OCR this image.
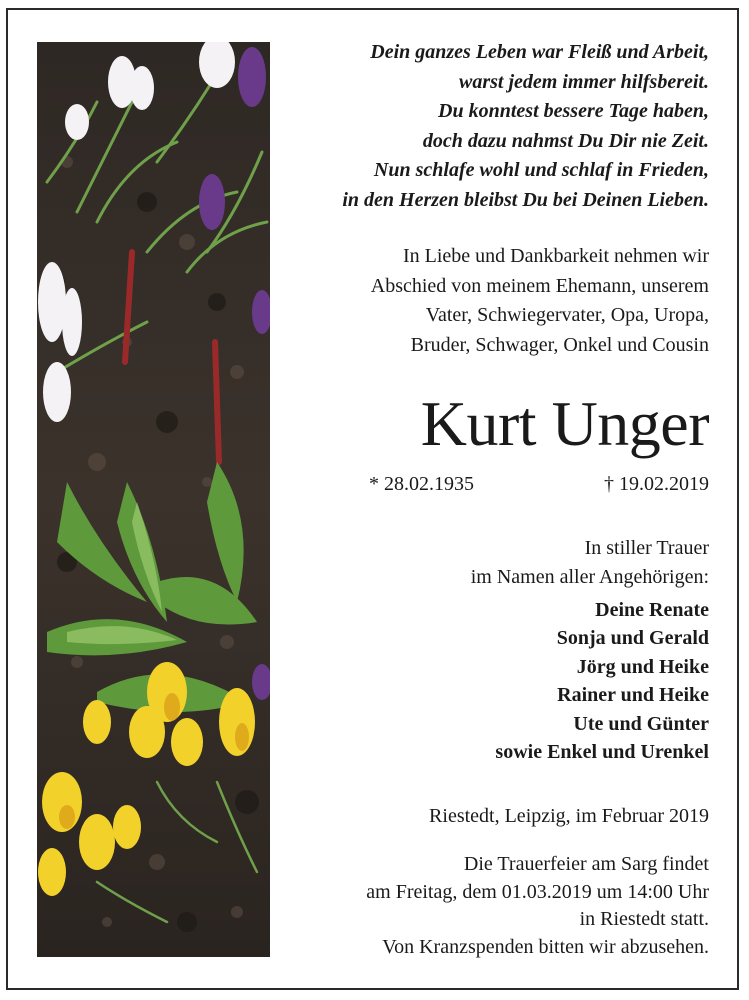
Dein ganzes Leben war Fleiß und Arbeit,
warst jedem immer hilfsbereit.
Du konntest bessere Tage haben,
doch dazu nahmst Du Dir nie Zeit.
Nun schlafe wohl und schlaf in Frieden,
in den Herzen bleibst Du bei Deinen Lieben.
In Liebe und Dankbarkeit nehmen wir
Abschied von meinem Ehemann, unserem
Vater, Schwiegervater, Opa, Uropa,
Bruder, Schwager, Onkel und Cousin
Kurt Unger
* 28.02.1935	† 19.02.2019
In stiller Trauer
im Namen aller Angehörigen:
Deine Renate
Sonja und Gerald
Jörg und Heike
Rainer und Heike
Ute und Günter
sowie Enkel und Urenkel
Riestedt, Leipzig, im Februar 2019
Die Trauerfeier am Sarg findet
am Freitag, dem 01.03.2019 um 14:00 Uhr
in Riestedt statt.
Von Kranzspenden bitten wir abzusehen.
